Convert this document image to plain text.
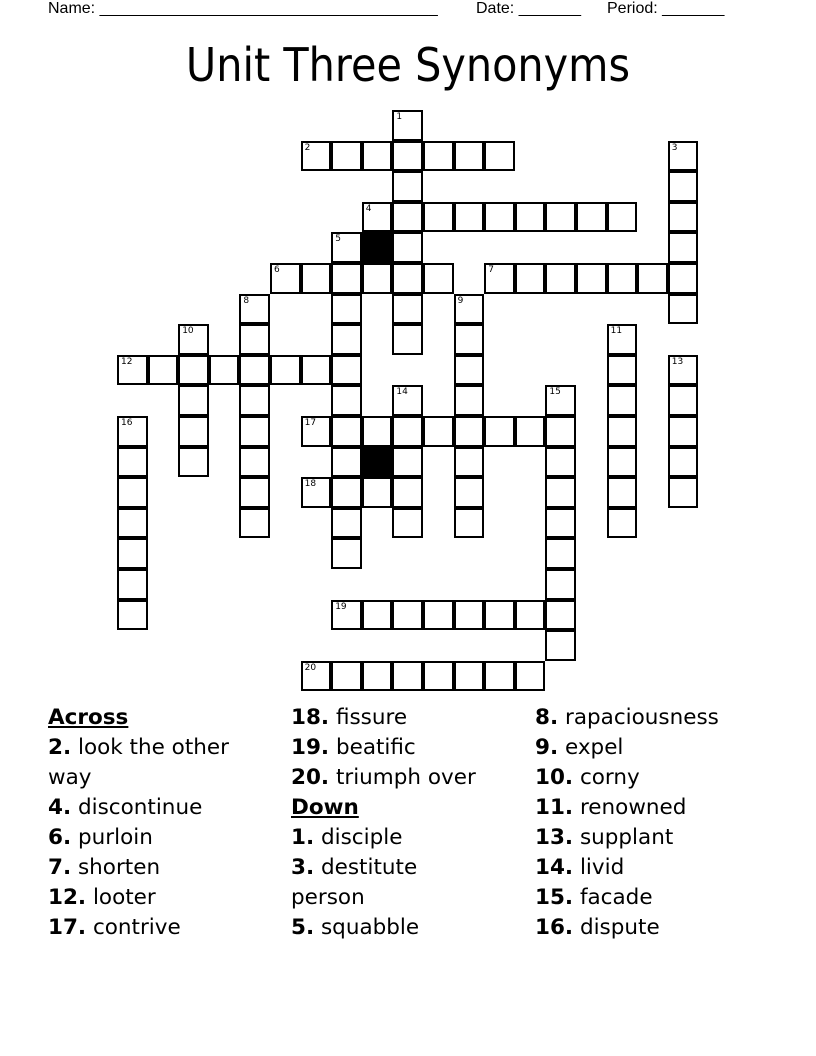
Name: ______________________________________ Date: _______ Period: _______
Unit Three Synonyms
1
2	3
4
5
6	7
8	9
10	11
12	13
14	15
16	17
18
19
20
Across
2. look the other way
4. discontinue
6. purloin
7. shorten
12. looter
17. contrive
18. fissure
19. beatific
20. triumph over
Down
1. disciple
3. destitute person
5. squabble
8. rapaciousness
9. expel
10. corny
11. renowned
13. supplant
14. livid
15. facade
16. dispute
